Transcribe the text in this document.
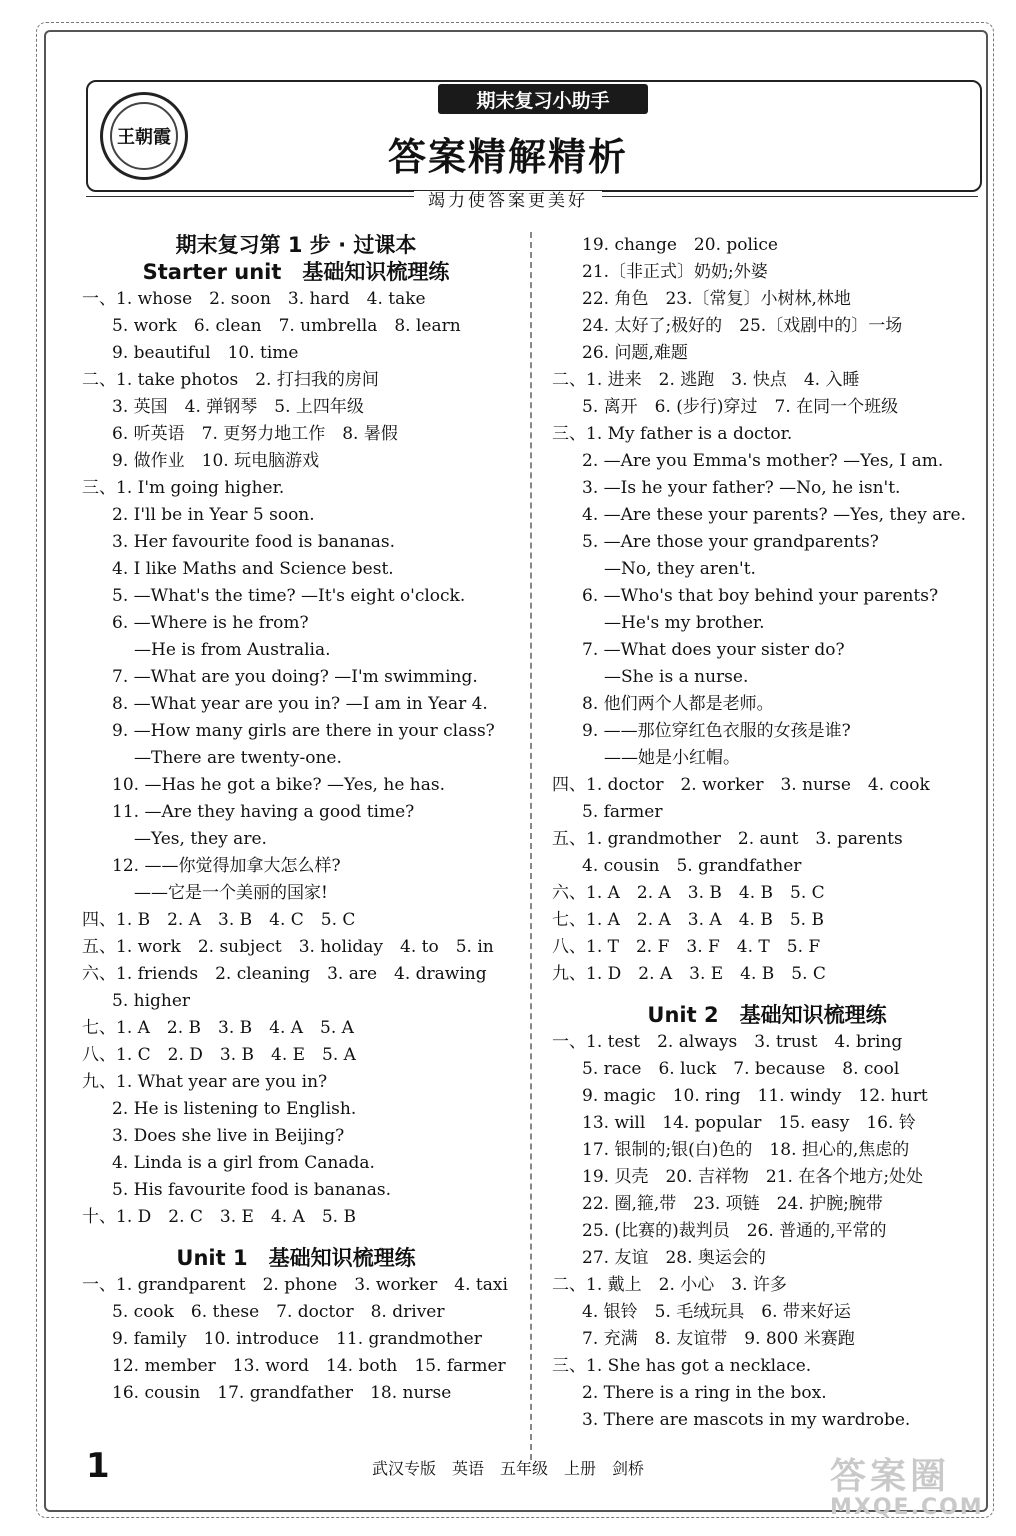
王朝霞
期末复习小助手
答案精解精析
竭力使答案更美好
期末复习第 1 步 · 过课本
Starter unit　基础知识梳理练
一、1. whose　2. soon　3. hard　4. take
5. work　6. clean　7. umbrella　8. learn
9. beautiful　10. time
二、1. take photos　2. 打扫我的房间
3. 英国　4. 弹钢琴　5. 上四年级
6. 听英语　7. 更努力地工作　8. 暑假
9. 做作业　10. 玩电脑游戏
三、1. I'm going higher.
2. I'll be in Year 5 soon.
3. Her favourite food is bananas.
4. I like Maths and Science best.
5. —What's the time? —It's eight o'clock.
6. —Where is he from?
—He is from Australia.
7. —What are you doing? —I'm swimming.
8. —What year are you in? —I am in Year 4.
9. —How many girls are there in your class?
—There are twenty-one.
10. —Has he got a bike? —Yes, he has.
11. —Are they having a good time?
—Yes, they are.
12. ——你觉得加拿大怎么样?
——它是一个美丽的国家!
四、1. B　2. A　3. B　4. C　5. C
五、1. work　2. subject　3. holiday　4. to　5. in
六、1. friends　2. cleaning　3. are　4. drawing
5. higher
七、1. A　2. B　3. B　4. A　5. A
八、1. C　2. D　3. B　4. E　5. A
九、1. What year are you in?
2. He is listening to English.
3. Does she live in Beijing?
4. Linda is a girl from Canada.
5. His favourite food is bananas.
十、1. D　2. C　3. E　4. A　5. B
Unit 1　基础知识梳理练
一、1. grandparent　2. phone　3. worker　4. taxi
5. cook　6. these　7. doctor　8. driver
9. family　10. introduce　11. grandmother
12. member　13. word　14. both　15. farmer
16. cousin　17. grandfather　18. nurse
19. change　20. police
21.〔非正式〕奶奶;外婆
22. 角色　23.〔常复〕小树林,林地
24. 太好了;极好的　25.〔戏剧中的〕一场
26. 问题,难题
二、1. 进来　2. 逃跑　3. 快点　4. 入睡
5. 离开　6. (步行)穿过　7. 在同一个班级
三、1. My father is a doctor.
2. —Are you Emma's mother? —Yes, I am.
3. —Is he your father? —No, he isn't.
4. —Are these your parents? —Yes, they are.
5. —Are those your grandparents?
—No, they aren't.
6. —Who's that boy behind your parents?
—He's my brother.
7. —What does your sister do?
—She is a nurse.
8. 他们两个人都是老师。
9. ——那位穿红色衣服的女孩是谁?
——她是小红帽。
四、1. doctor　2. worker　3. nurse　4. cook
5. farmer
五、1. grandmother　2. aunt　3. parents
4. cousin　5. grandfather
六、1. A　2. A　3. B　4. B　5. C
七、1. A　2. A　3. A　4. B　5. B
八、1. T　2. F　3. F　4. T　5. F
九、1. D　2. A　3. E　4. B　5. C
Unit 2　基础知识梳理练
一、1. test　2. always　3. trust　4. bring
5. race　6. luck　7. because　8. cool
9. magic　10. ring　11. windy　12. hurt
13. will　14. popular　15. easy　16. 铃
17. 银制的;银(白)色的　18. 担心的,焦虑的
19. 贝壳　20. 吉祥物　21. 在各个地方;处处
22. 圈,箍,带　23. 项链　24. 护腕;腕带
25. (比赛的)裁判员　26. 普通的,平常的
27. 友谊　28. 奥运会的
二、1. 戴上　2. 小心　3. 许多
4. 银铃　5. 毛绒玩具　6. 带来好运
7. 充满　8. 友谊带　9. 800 米赛跑
三、1. She has got a necklace.
2. There is a ring in the box.
3. There are mascots in my wardrobe.
1	武汉专版　英语　五年级　上册　剑桥	答案圈
MXQE.COM
